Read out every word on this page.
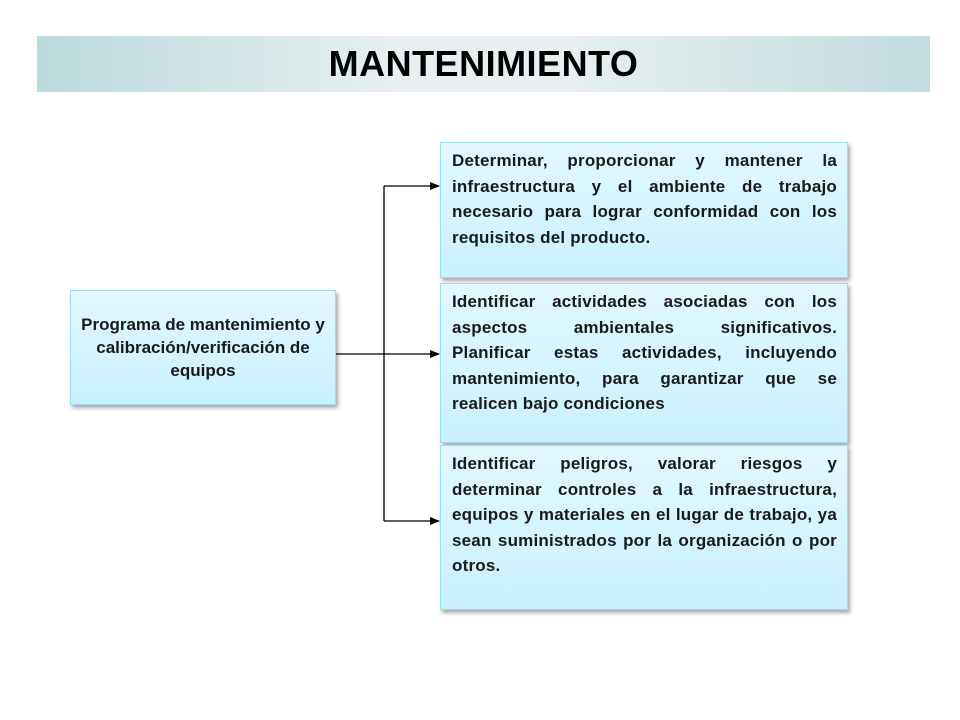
MANTENIMIENTO
Programa de mantenimiento y calibración/verificación de equipos
Determinar, proporcionar y mantener la infraestructura y el ambiente de trabajo necesario para lograr conformidad con los requisitos del producto.
Identificar actividades asociadas con los aspectos ambientales significativos. Planificar estas actividades, incluyendo mantenimiento, para garantizar que se realicen bajo condiciones
Identificar peligros, valorar riesgos y determinar controles a la infraestructura, equipos y materiales en el lugar de trabajo, ya sean suministrados por la organización o por otros.
